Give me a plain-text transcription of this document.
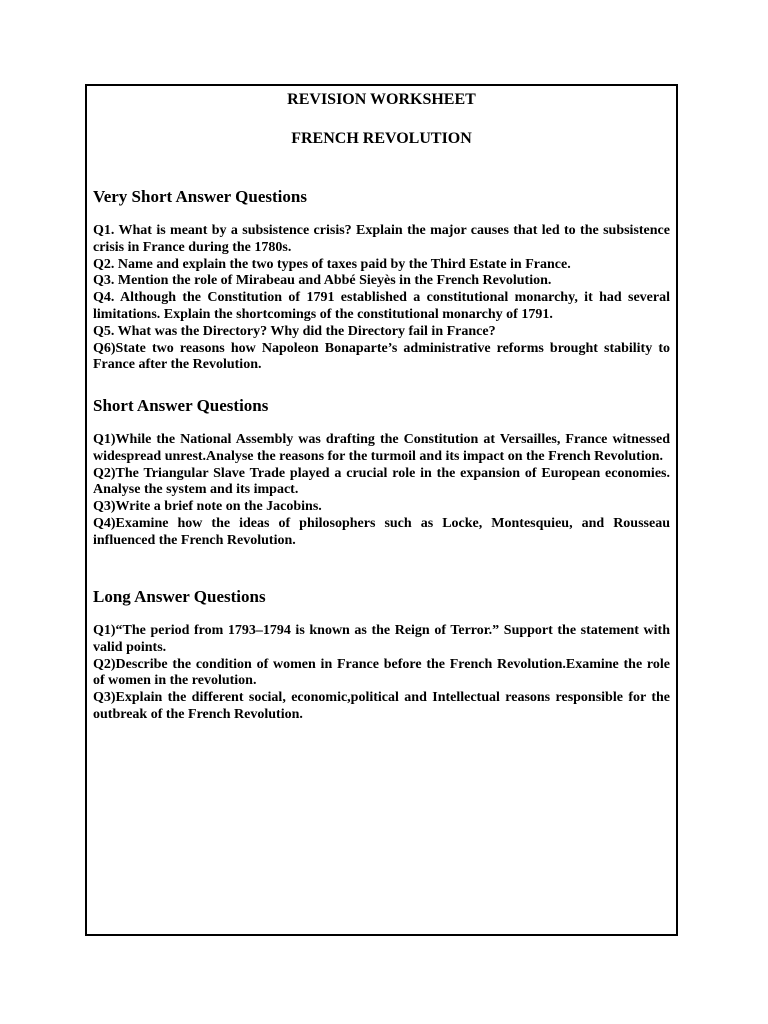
REVISION WORKSHEET

FRENCH REVOLUTION

Very Short Answer Questions

Q1. What is meant by a subsistence crisis? Explain the major causes that led to the subsistence crisis in France during the 1780s.

Q2. Name and explain the two types of taxes paid by the Third Estate in France.

Q3. Mention the role of Mirabeau and Abbé Sieyès in the French Revolution.

Q4. Although the Constitution of 1791 established a constitutional monarchy, it had several limitations. Explain the shortcomings of the constitutional monarchy of 1791.

Q5. What was the Directory? Why did the Directory fail in France?

Q6)State two reasons how Napoleon Bonaparte’s administrative reforms brought stability to France after the Revolution.

Short Answer Questions

Q1)While the National Assembly was drafting the Constitution at Versailles, France witnessed widespread unrest.Analyse the reasons for the turmoil and its impact on the French Revolution.

Q2)The Triangular Slave Trade played a crucial role in the expansion of European economies. Analyse the system and its impact.

Q3)Write a brief note on the Jacobins.

Q4)Examine how the ideas of philosophers such as Locke, Montesquieu, and Rousseau influenced the French Revolution.

Long Answer Questions

Q1)“The period from 1793–1794 is known as the Reign of Terror.” Support the statement with valid points.

Q2)Describe the condition of women in France before the French Revolution.Examine the role of women in the revolution.

Q3)Explain the different social, economic,political and Intellectual reasons responsible for the outbreak of the French Revolution.
